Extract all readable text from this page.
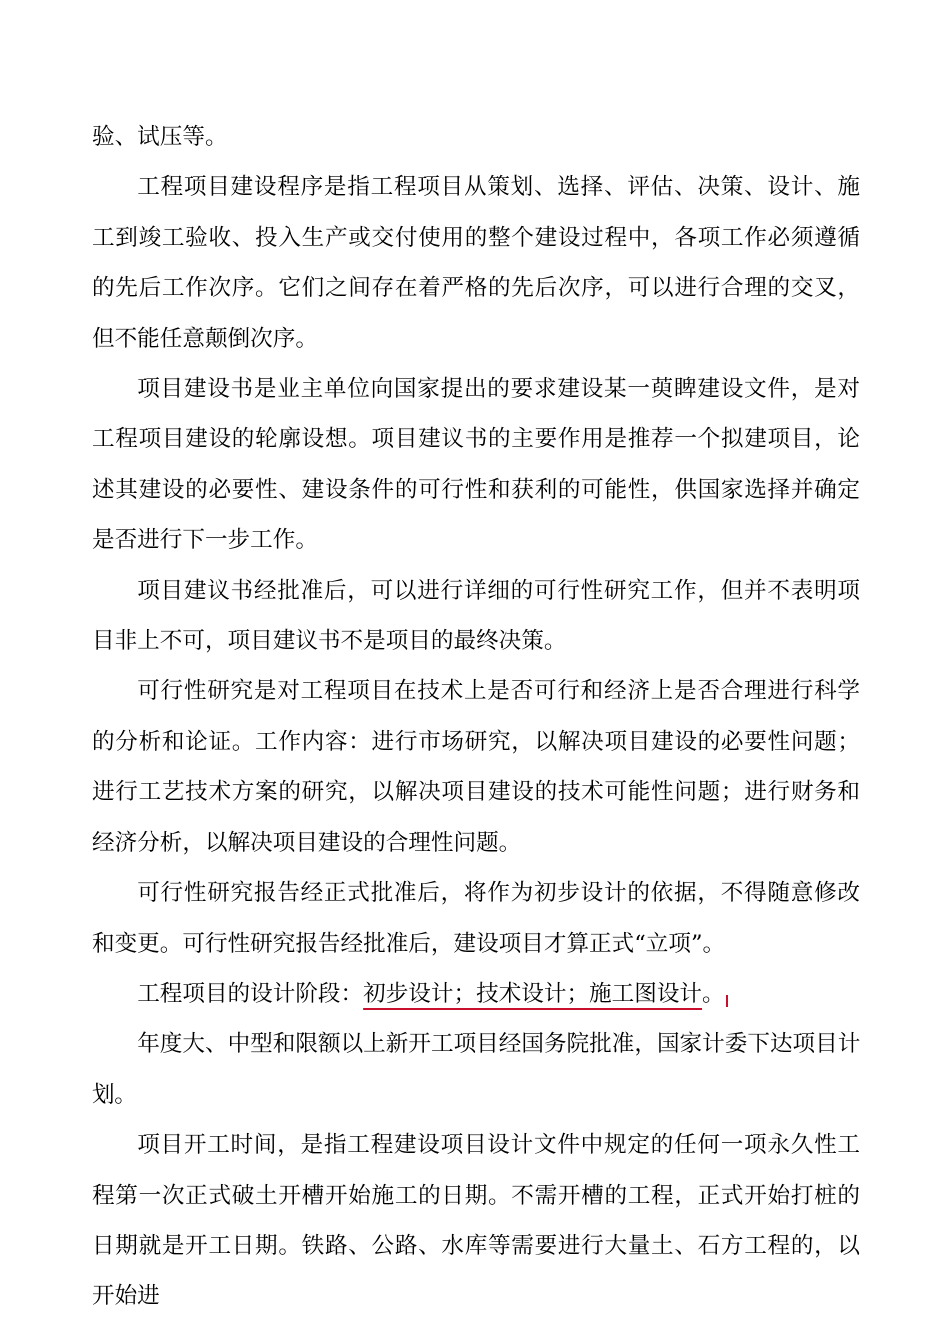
验、试压等。

工程项目建设程序是指工程项目从策划、选择、评估、决策、设计、施工到竣工验收、投入生产或交付使用的整个建设过程中，各项工作必须遵循的先后工作次序。它们之间存在着严格的先后次序，可以进行合理的交叉，但不能任意颠倒次序。

项目建设书是业主单位向国家提出的要求建设某一萸睥建设文件，是对工程项目建设的轮廓设想。项目建议书的主要作用是推荐一个拟建项目，论述其建设的必要性、建设条件的可行性和获利的可能性，供国家选择并确定是否进行下一步工作。

项目建议书经批准后，可以进行详细的可行性研究工作，但并不表明项目非上不可，项目建议书不是项目的最终决策。

可行性研究是对工程项目在技术上是否可行和经济上是否合理进行科学的分析和论证。工作内容：进行市场研究，以解决项目建设的必要性问题；进行工艺技术方案的研究，以解决项目建设的技术可能性问题；进行财务和经济分析，以解决项目建设的合理性问题。

可行性研究报告经正式批准后，将作为初步设计的依据，不得随意修改和变更。可行性研究报告经批准后，建设项目才算正式“立项”。

工程项目的设计阶段：初步设计；技术设计；施工图设计。

年度大、中型和限额以上新开工项目经国务院批准，国家计委下达项目计划。

项目开工时间，是指工程建设项目设计文件中规定的任何一项永久性工程第一次正式破土开槽开始施工的日期。不需开槽的工程，正式开始打桩的日期就是开工日期。铁路、公路、水库等需要进行大量土、石方工程的，以开始进
